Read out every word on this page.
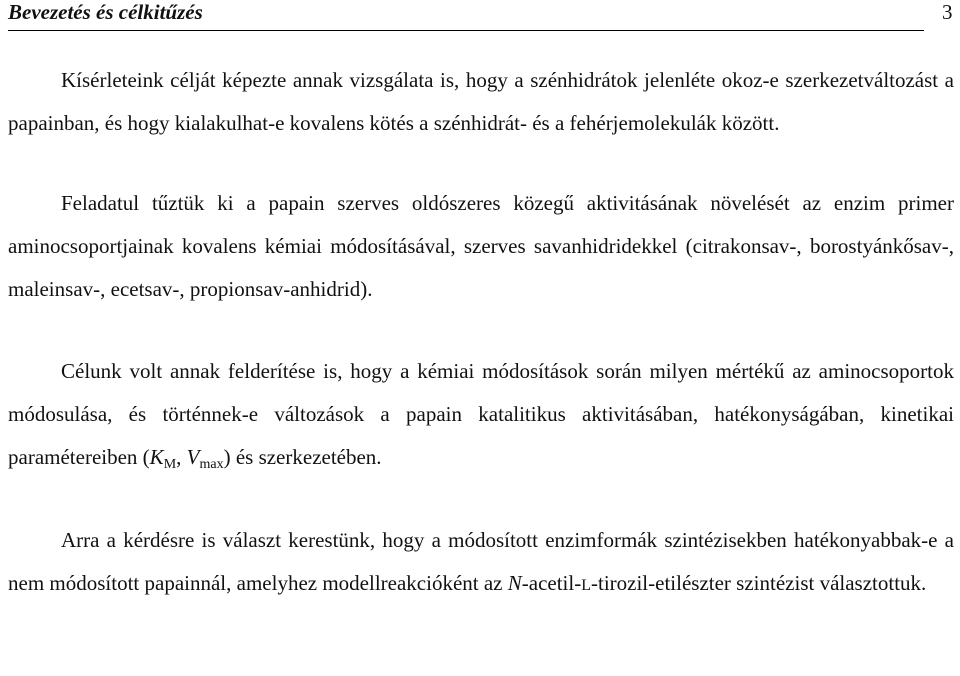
Bevezetés és célkitűzés	3

Kísérleteink célját képezte annak vizsgálata is, hogy a szénhidrátok jelenléte okoz-e szerkezetváltozást a papainban, és hogy kialakulhat-e kovalens kötés a szénhidrát- és a fehérjemolekulák között.

Feladatul tűztük ki a papain szerves oldószeres közegű aktivitásának növelését az enzim primer aminocsoportjainak kovalens kémiai módosításával, szerves savanhidridekkel (citrakonsav-, borostyánkősav-, maleinsav-, ecetsav-, propionsav-anhidrid).

Célunk volt annak felderítése is, hogy a kémiai módosítások során milyen mértékű az aminocsoportok módosulása, és történnek-e változások a papain katalitikus aktivitásában, hatékonyságában, kinetikai paramétereiben ($K_M$, $V_{max}$) és szerkezetében.

Arra a kérdésre is választ kerestünk, hogy a módosított enzimformák szintézisekben hatékonyabbak-e a nem módosított papainnál, amelyhez modellreakcióként az N-acetil-L-tirozil-etilészter szintézist választottuk.
